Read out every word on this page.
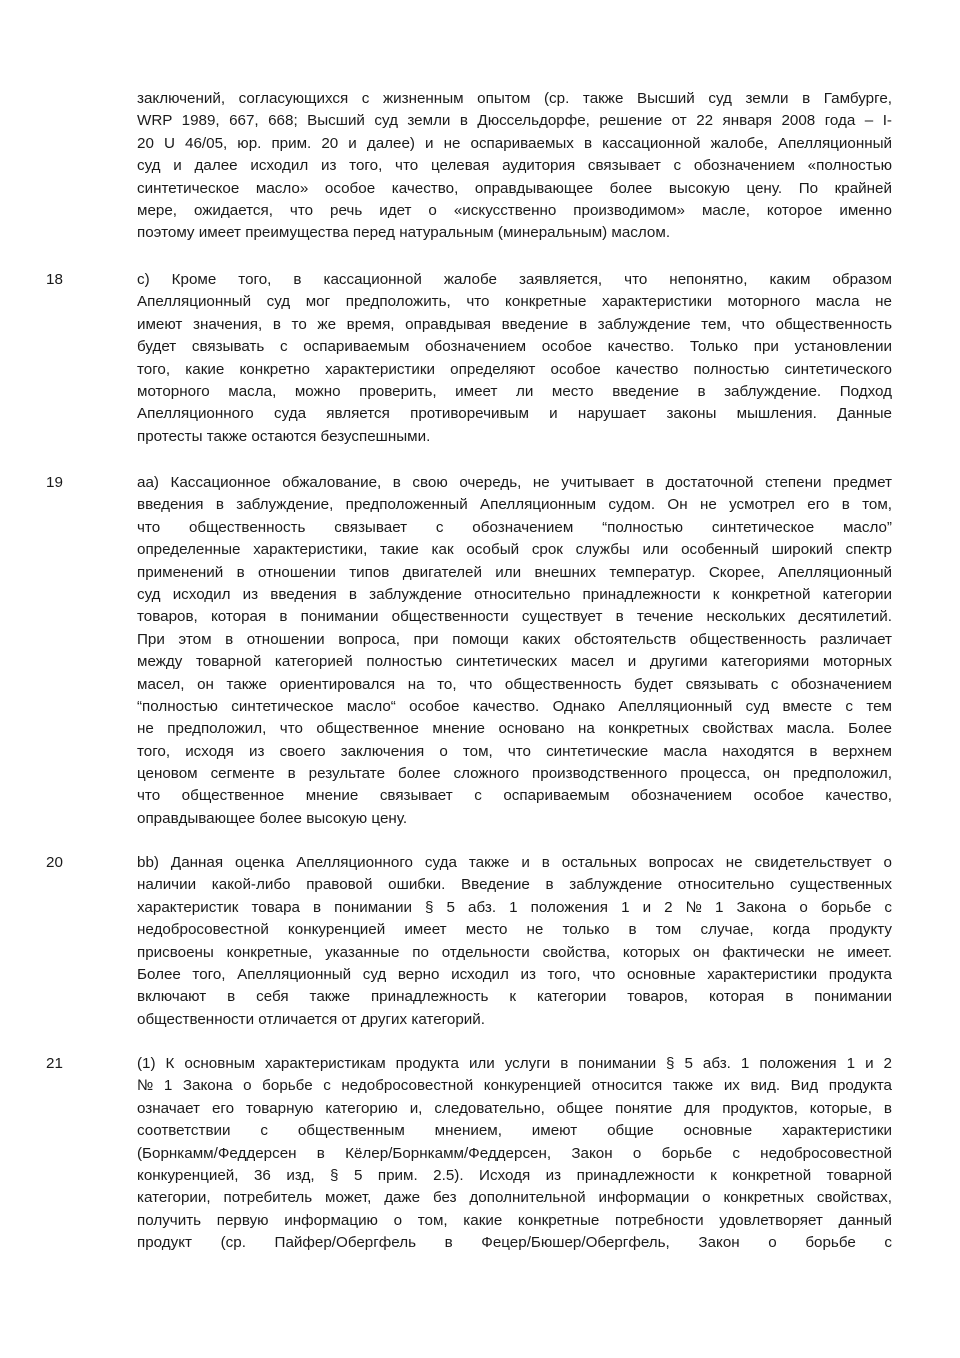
заключений, согласующихся с жизненным опытом (ср. также Высший суд земли в Гамбурге,
WRP 1989, 667, 668; Высший суд земли в Дюссельдорфе, решение от 22 января 2008 года – I-
20 U 46/05, юр. прим. 20 и далее) и не оспариваемых в кассационной жалобе, Апелляционный
суд и далее исходил из того, что целевая аудитория связывает с обозначением «полностью
синтетическое масло» особое качество, оправдывающее более высокую цену. По крайней
мере, ожидается, что речь идет о «искусственно производимом» масле, которое именно
поэтому имеет преимущества перед натуральным (минеральным) маслом.
18	с) Кроме того, в кассационной жалобе заявляется, что непонятно, каким образом
Апелляционный суд мог предположить, что конкретные характеристики моторного масла не
имеют значения, в то же время, оправдывая введение в заблуждение тем, что общественность
будет связывать с оспариваемым обозначением особое качество. Только при установлении
того, какие конкретно характеристики определяют особое качество полностью синтетического
моторного масла, можно проверить, имеет ли место введение в заблуждение. Подход
Апелляционного суда является противоречивым и нарушает законы мышления. Данные
протесты также остаются безуспешными.
19	аа) Кассационное обжалование, в свою очередь, не учитывает в достаточной степени предмет
введения в заблуждение, предположенный Апелляционным судом. Он не усмотрел его в том,
что общественность связывает с обозначением “полностью синтетическое масло”
определенные характеристики, такие как особый срок службы или особенный широкий спектр
применений в отношении типов двигателей или внешних температур. Скорее, Апелляционный
суд исходил из введения в заблуждение относительно принадлежности к конкретной категории
товаров, которая в понимании общественности существует в течение нескольких десятилетий.
При этом в отношении вопроса, при помощи каких обстоятельств общественность различает
между товарной категорией полностью синтетических масел и другими категориями моторных
масел, он также ориентировался на то, что общественность будет связывать с обозначением
“полностью синтетическое масло“ особое качество. Однако Апелляционный суд вместе с тем
не предположил, что общественное мнение основано на конкретных свойствах масла. Более
того, исходя из своего заключения о том, что синтетические масла находятся в верхнем
ценовом сегменте в результате более сложного производственного процесса, он предположил,
что общественное мнение связывает с оспариваемым обозначением особое качество,
оправдывающее более высокую цену.
20	bb) Данная оценка Апелляционного суда также и в остальных вопросах не свидетельствует о
наличии какой-либо правовой ошибки. Введение в заблуждение относительно существенных
характеристик товара в понимании § 5 абз. 1 положения 1 и 2 № 1 Закона о борьбе с
недобросовестной конкуренцией имеет место не только в том случае, когда продукту
присвоены конкретные, указанные по отдельности свойства, которых он фактически не имеет.
Более того, Апелляционный суд верно исходил из того, что основные характеристики продукта
включают в себя также принадлежность к категории товаров, которая в понимании
общественности отличается от других категорий.
21	(1) К основным характеристикам продукта или услуги в понимании § 5 абз. 1 положения 1 и 2
№ 1 Закона о борьбе с недобросовестной конкуренцией относится также их вид. Вид продукта
означает его товарную категорию и, следовательно, общее понятие для продуктов, которые, в
соответствии с общественным мнением, имеют общие основные характеристики
(Борнкамм/Феддерсен в Кёлер/Борнкамм/Феддерсен, Закон о борьбе с недобросовестной
конкуренцией, 36 изд, § 5 прим. 2.5). Исходя из принадлежности к конкретной товарной
категории, потребитель может, даже без дополнительной информации о конкретных свойствах,
получить первую информацию о том, какие конкретные потребности удовлетворяет данный
продукт (ср. Пайфер/Обергфель в Фецер/Бюшер/Обергфель, Закон о борьбе с
